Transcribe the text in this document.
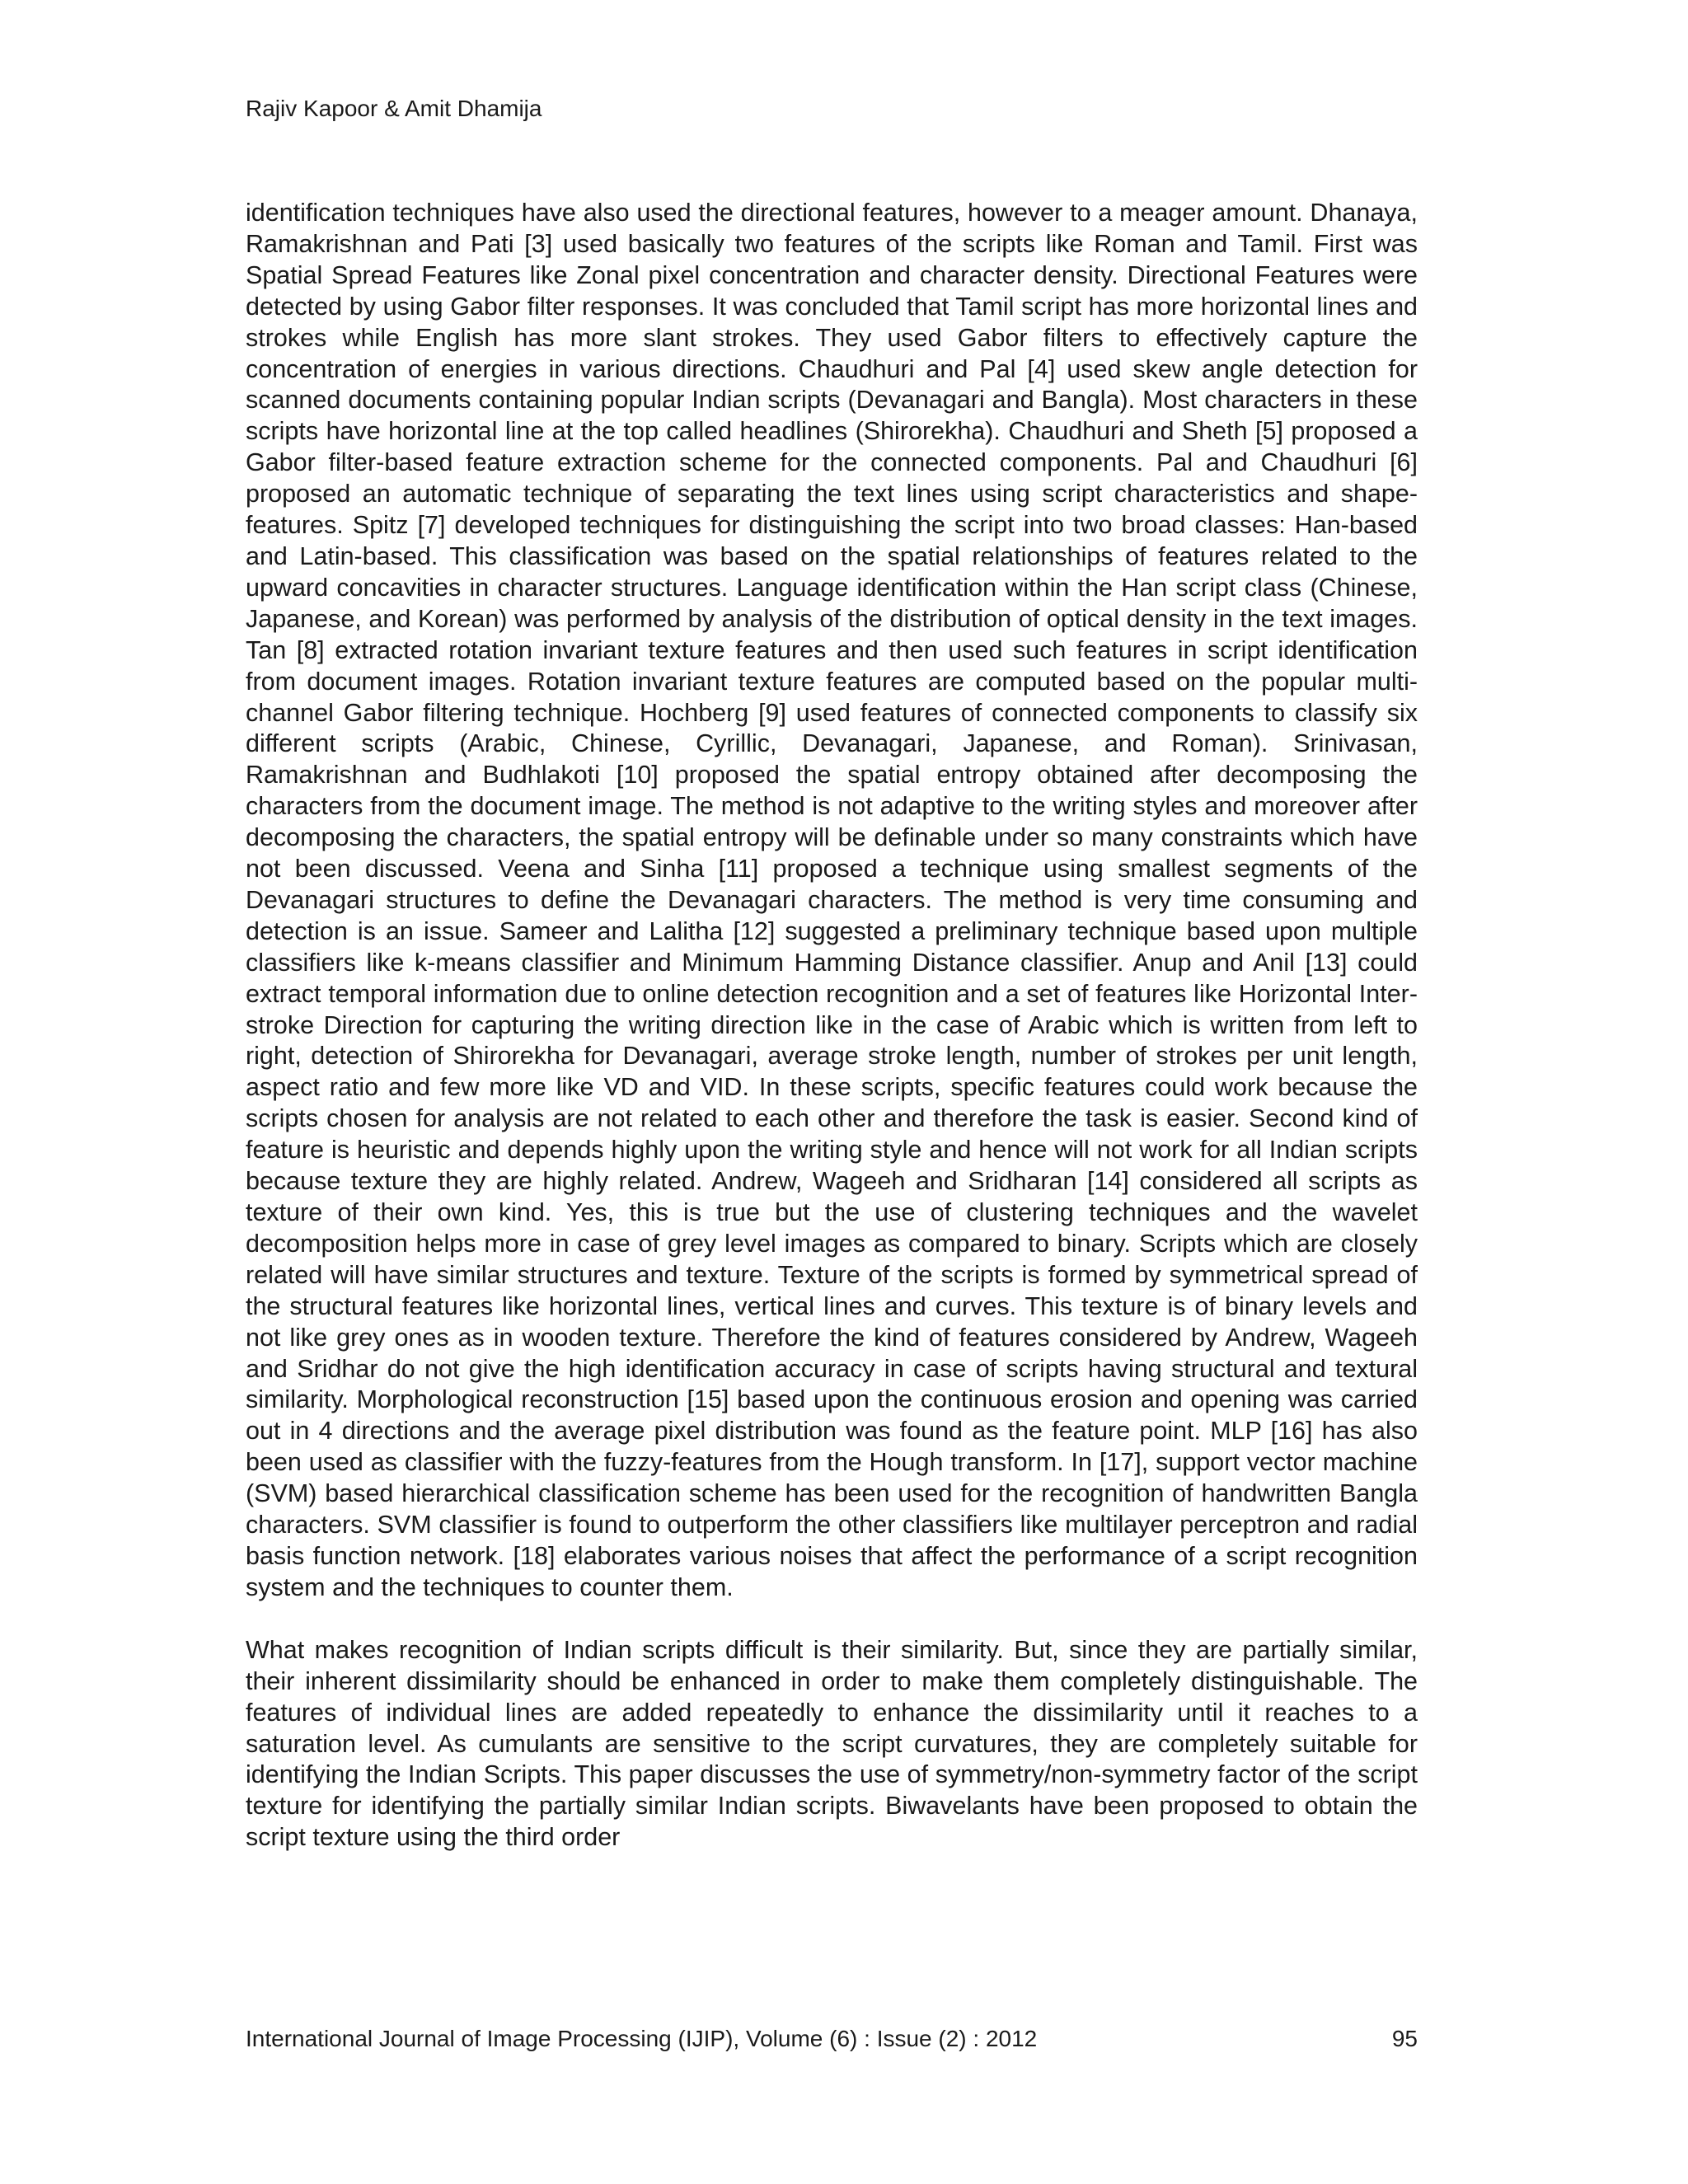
Rajiv Kapoor & Amit Dhamija

identification techniques have also used the directional features, however to a meager amount. Dhanaya, Ramakrishnan and Pati [3] used basically two features of the scripts like Roman and Tamil. First was Spatial Spread Features like Zonal pixel concentration and character density. Directional Features were detected by using Gabor filter responses. It was concluded that Tamil script has more horizontal lines and strokes while English has more slant strokes. They used Gabor filters to effectively capture the concentration of energies in various directions. Chaudhuri and Pal [4] used skew angle detection for scanned documents containing popular Indian scripts (Devanagari and Bangla). Most characters in these scripts have horizontal line at the top called headlines (Shirorekha). Chaudhuri and Sheth [5] proposed a Gabor filter-based feature extraction scheme for the connected components. Pal and Chaudhuri [6] proposed an automatic technique of separating the text lines using script characteristics and shape-features. Spitz [7] developed techniques for distinguishing the script into two broad classes: Han-based and Latin-based. This classification was based on the spatial relationships of features related to the upward concavities in character structures. Language identification within the Han script class (Chinese, Japanese, and Korean) was performed by analysis of the distribution of optical density in the text images. Tan [8] extracted rotation invariant texture features and then used such features in script identification from document images. Rotation invariant texture features are computed based on the popular multi-channel Gabor filtering technique. Hochberg [9] used features of connected components to classify six different scripts (Arabic, Chinese, Cyrillic, Devanagari, Japanese, and Roman). Srinivasan, Ramakrishnan and Budhlakoti [10] proposed the spatial entropy obtained after decomposing the characters from the document image. The method is not adaptive to the writing styles and moreover after decomposing the characters, the spatial entropy will be definable under so many constraints which have not been discussed. Veena and Sinha [11] proposed a technique using smallest segments of the Devanagari structures to define the Devanagari characters. The method is very time consuming and detection is an issue. Sameer and Lalitha [12] suggested a preliminary technique based upon multiple classifiers like k-means classifier and Minimum Hamming Distance classifier. Anup and Anil [13] could extract temporal information due to online detection recognition and a set of features like Horizontal Inter-stroke Direction for capturing the writing direction like in the case of Arabic which is written from left to right, detection of Shirorekha for Devanagari, average stroke length, number of strokes per unit length, aspect ratio and few more like VD and VID. In these scripts, specific features could work because the scripts chosen for analysis are not related to each other and therefore the task is easier. Second kind of feature is heuristic and depends highly upon the writing style and hence will not work for all Indian scripts because texture they are highly related. Andrew, Wageeh and Sridharan [14] considered all scripts as texture of their own kind. Yes, this is true but the use of clustering techniques and the wavelet decomposition helps more in case of grey level images as compared to binary. Scripts which are closely related will have similar structures and texture. Texture of the scripts is formed by symmetrical spread of the structural features like horizontal lines, vertical lines and curves. This texture is of binary levels and not like grey ones as in wooden texture. Therefore the kind of features considered by Andrew, Wageeh and Sridhar do not give the high identification accuracy in case of scripts having structural and textural similarity. Morphological reconstruction [15] based upon the continuous erosion and opening was carried out in 4 directions and the average pixel distribution was found as the feature point. MLP [16] has also been used as classifier with the fuzzy-features from the Hough transform. In [17], support vector machine (SVM) based hierarchical classification scheme has been used for the recognition of handwritten Bangla characters. SVM classifier is found to outperform the other classifiers like multilayer perceptron and radial basis function network. [18] elaborates various noises that affect the performance of a script recognition system and the techniques to counter them.

What makes recognition of Indian scripts difficult is their similarity. But, since they are partially similar, their inherent dissimilarity should be enhanced in order to make them completely distinguishable. The features of individual lines are added repeatedly to enhance the dissimilarity until it reaches to a saturation level. As cumulants are sensitive to the script curvatures, they are completely suitable for identifying the Indian Scripts. This paper discusses the use of symmetry/non-symmetry factor of the script texture for identifying the partially similar Indian scripts. Biwavelants have been proposed to obtain the script texture using the third order

International Journal of Image Processing (IJIP), Volume (6) : Issue (2) : 2012	95
